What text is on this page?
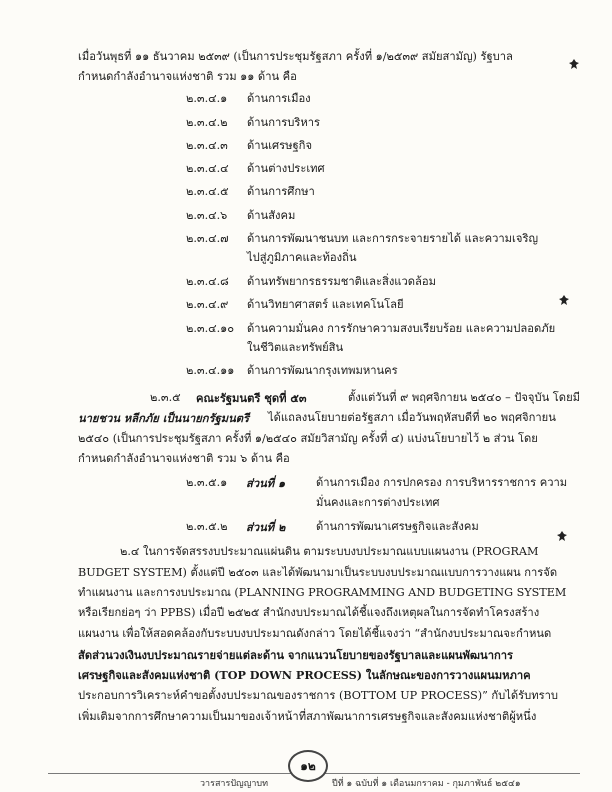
เมื่อวันพุธที่ ๑๑ ธันวาคม ๒๕๓๙ (เป็นการประชุมรัฐสภา ครั้งที่ ๑/๒๕๓๙ สมัยสามัญ) รัฐบาล
กำหนดกำลังอำนาจแห่งชาติ รวม ๑๑ ด้าน คือ
๒.๓.๔.๑ ด้านการเมือง
๒.๓.๔.๒ ด้านการบริหาร
๒.๓.๔.๓ ด้านเศรษฐกิจ
๒.๓.๔.๔ ด้านต่างประเทศ
๒.๓.๔.๕ ด้านการศึกษา
๒.๓.๔.๖ ด้านสังคม
๒.๓.๔.๗ ด้านการพัฒนาชนบท และการกระจายรายได้ และความเจริญ
ไปสู่ภูมิภาคและท้องถิ่น
๒.๓.๔.๘ ด้านทรัพยากรธรรมชาติและสิ่งแวดล้อม
๒.๓.๔.๙ ด้านวิทยาศาสตร์ และเทคโนโลยี
๒.๓.๔.๑๐ ด้านความมั่นคง การรักษาความสงบเรียบร้อย และความปลอดภัย
ในชีวิตและทรัพย์สิน
๒.๓.๔.๑๑ ด้านการพัฒนากรุงเทพมหานคร
๒.๓.๕ คณะรัฐมนตรี ชุดที่ ๕๓	ตั้งแต่วันที่ ๙ พฤศจิกายน ๒๕๔๐ – ปัจจุบัน โดยมี
นายชวน หลีกภัย เป็นนายกรัฐมนตรี ได้แถลงนโยบายต่อรัฐสภา เมื่อวันพฤหัสบดีที่ ๒๐ พฤศจิกายน
๒๕๔๐ (เป็นการประชุมรัฐสภา ครั้งที่ ๑/๒๕๔๐ สมัยวิสามัญ ครั้งที่ ๔) แบ่งนโยบายไว้ ๒ ส่วน โดย
กำหนดกำลังอำนาจแห่งชาติ รวม ๖ ด้าน คือ
๒.๓.๕.๑ ส่วนที่ ๑	ด้านการเมือง การปกครอง การบริหารราชการ ความ
มั่นคงและการต่างประเทศ
๒.๓.๕.๒ ส่วนที่ ๒	ด้านการพัฒนาเศรษฐกิจและสังคม
๒.๔ ในการจัดสรรงบประมาณแผ่นดิน ตามระบบงบประมาณแบบแผนงาน (PROGRAM
BUDGET SYSTEM) ตั้งแต่ปี ๒๕๐๓ และได้พัฒนามาเป็นระบบงบประมาณแบบการวางแผน การจัด
ทำแผนงาน และการงบประมาณ (PLANNING PROGRAMMING AND BUDGETING SYSTEM
หรือเรียกย่อๆ ว่า PPBS) เมื่อปี ๒๕๒๕ สำนักงบประมาณได้ชี้แจงถึงเหตุผลในการจัดทำโครงสร้าง
แผนงาน เพื่อให้สอดคล้องกับระบบงบประมาณดังกล่าว โดยได้ชี้แจงว่า “สำนักงบประมาณจะกำหนด
สัดส่วนวงเงินงบประมาณรายจ่ายแต่ละด้าน จากแนวนโยบายของรัฐบาลและแผนพัฒนาการ
เศรษฐกิจและสังคมแห่งชาติ (TOP DOWN PROCESS) ในลักษณะของการวางแผนมหภาค
ประกอบการวิเคราะห์คำขอตั้งงบประมาณของราชการ (BOTTOM UP PROCESS)” กับได้รับทราบ
เพิ่มเติมจากการศึกษาความเป็นมาของเจ้าหน้าที่สภาพัฒนาการเศรษฐกิจและสังคมแห่งชาติผู้หนึ่ง
วารสารปัญญาบท	ปีที่ ๑ ฉบับที่ ๑ เดือนมกราคม - กุมภาพันธ์ ๒๕๔๑
๑๒
